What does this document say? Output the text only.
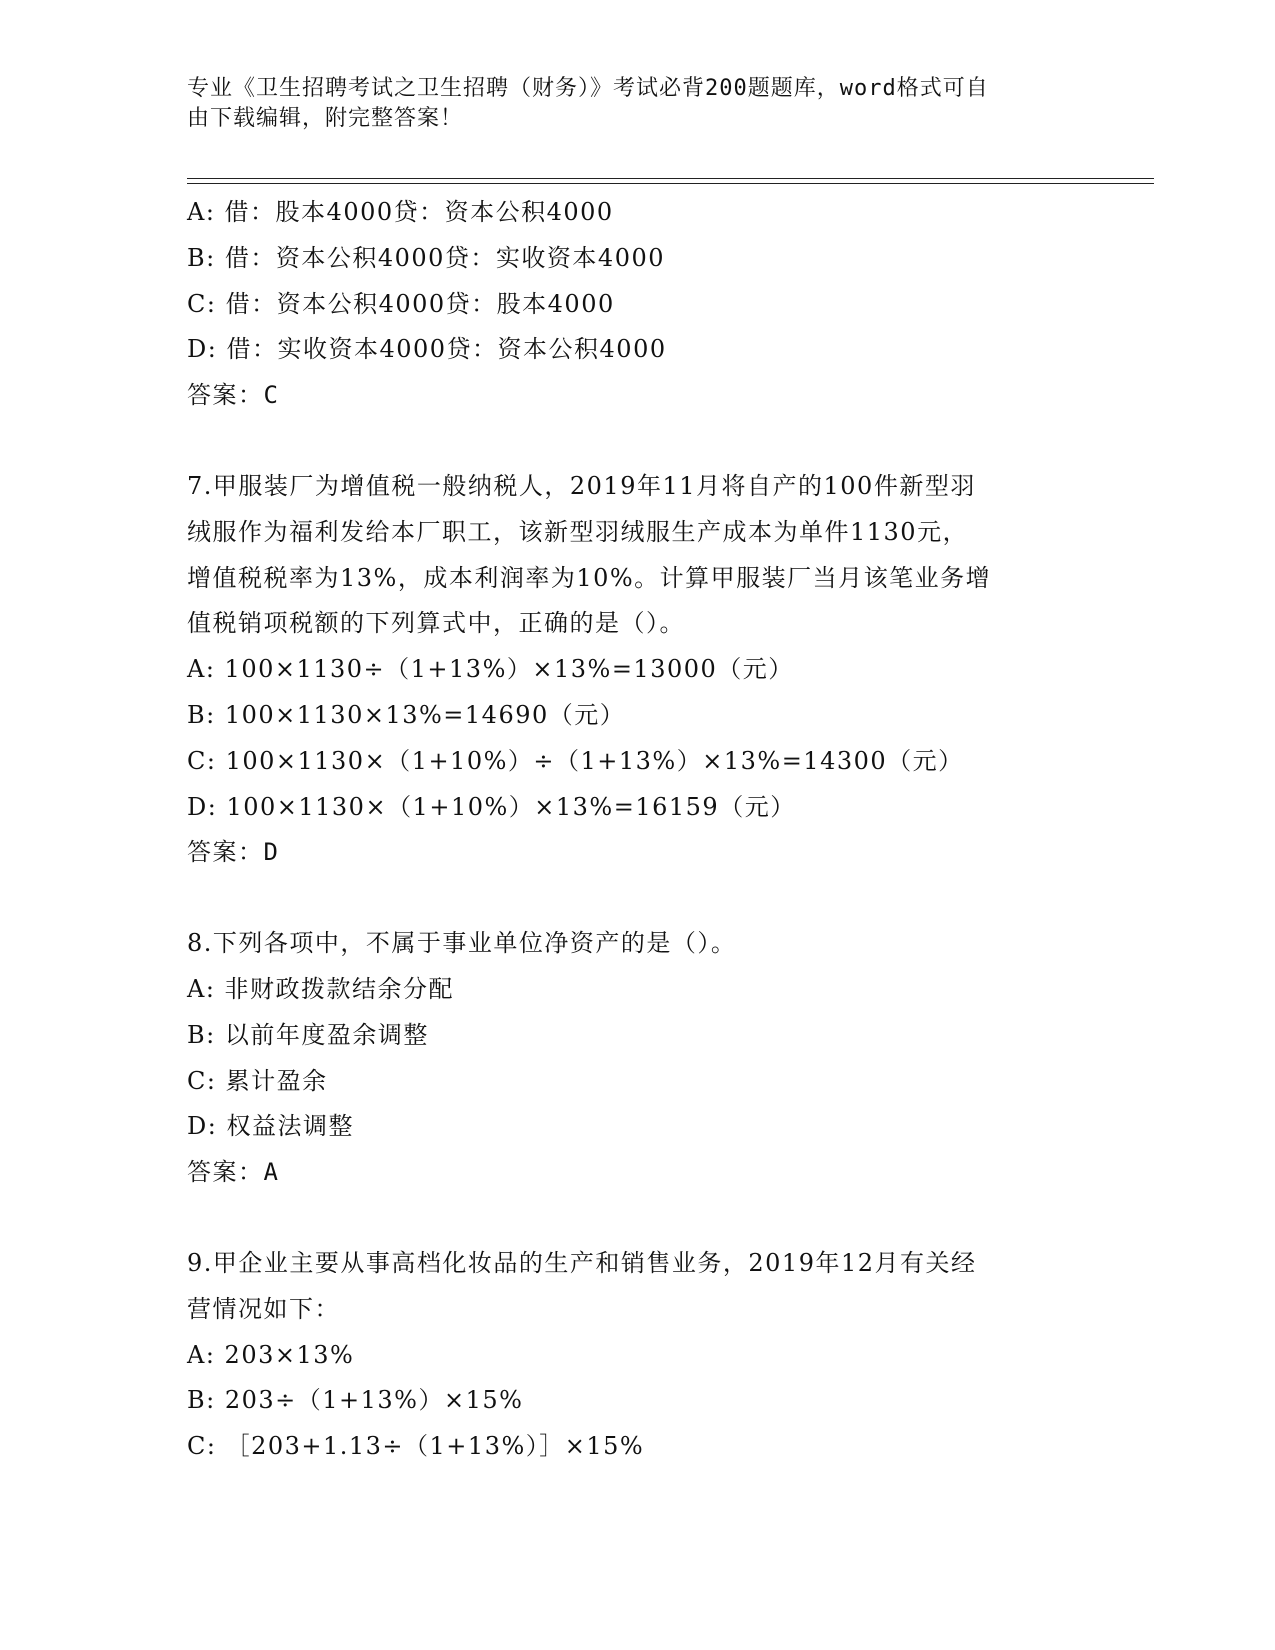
专业《卫生招聘考试之卫生招聘（财务）》考试必背200题题库，word格式可自
由下载编辑，附完整答案！
A: 借：股本4000贷：资本公积4000
B: 借：资本公积4000贷：实收资本4000
C: 借：资本公积4000贷：股本4000
D: 借：实收资本4000贷：资本公积4000
答案：C
7.甲服装厂为增值税一般纳税人，2019年11月将自产的100件新型羽
绒服作为福利发给本厂职工，该新型羽绒服生产成本为单件1130元，
增值税税率为13%，成本利润率为10%。计算甲服装厂当月该笔业务增
值税销项税额的下列算式中，正确的是（）。
A: 100×1130÷（1+13%）×13%=13000（元）
B: 100×1130×13%=14690（元）
C: 100×1130×（1+10%）÷（1+13%）×13%=14300（元）
D: 100×1130×（1+10%）×13%=16159（元）
答案：D
8.下列各项中，不属于事业单位净资产的是（）。
A: 非财政拨款结余分配
B: 以前年度盈余调整
C: 累计盈余
D: 权益法调整
答案：A
9.甲企业主要从事高档化妆品的生产和销售业务，2019年12月有关经
营情况如下：
A: 203×13%
B: 203÷（1+13%）×15%
C: ［203+1.13÷（1+13%）］×15%
